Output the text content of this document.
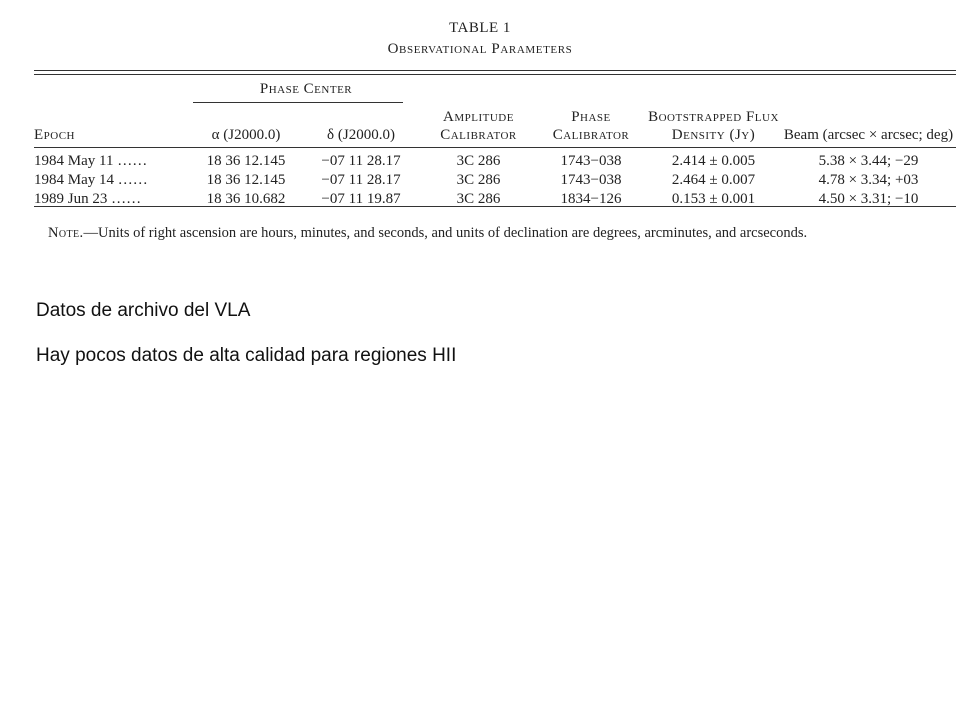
TABLE 1
Observational Parameters
	Phase Center					
Epoch	α (J2000.0)	δ (J2000.0)	Amplitude Calibrator	Phase Calibrator	Bootstrapped Flux Density (Jy)	Beam (arcsec × arcsec; deg)
1984 May 11 ……	18 36 12.145	−07 11 28.17	3C 286	1743−038	2.414 ± 0.005	5.38 × 3.44; −29
1984 May 14 ……	18 36 12.145	−07 11 28.17	3C 286	1743−038	2.464 ± 0.007	4.78 × 3.34; +03
1989 Jun 23 ……	18 36 10.682	−07 11 19.87	3C 286	1834−126	0.153 ± 0.001	4.50 × 3.31; −10
Note.—Units of right ascension are hours, minutes, and seconds, and units of declination are degrees, arcminutes, and arcseconds.
Datos de archivo del VLA
Hay pocos datos de alta calidad para regiones HII
